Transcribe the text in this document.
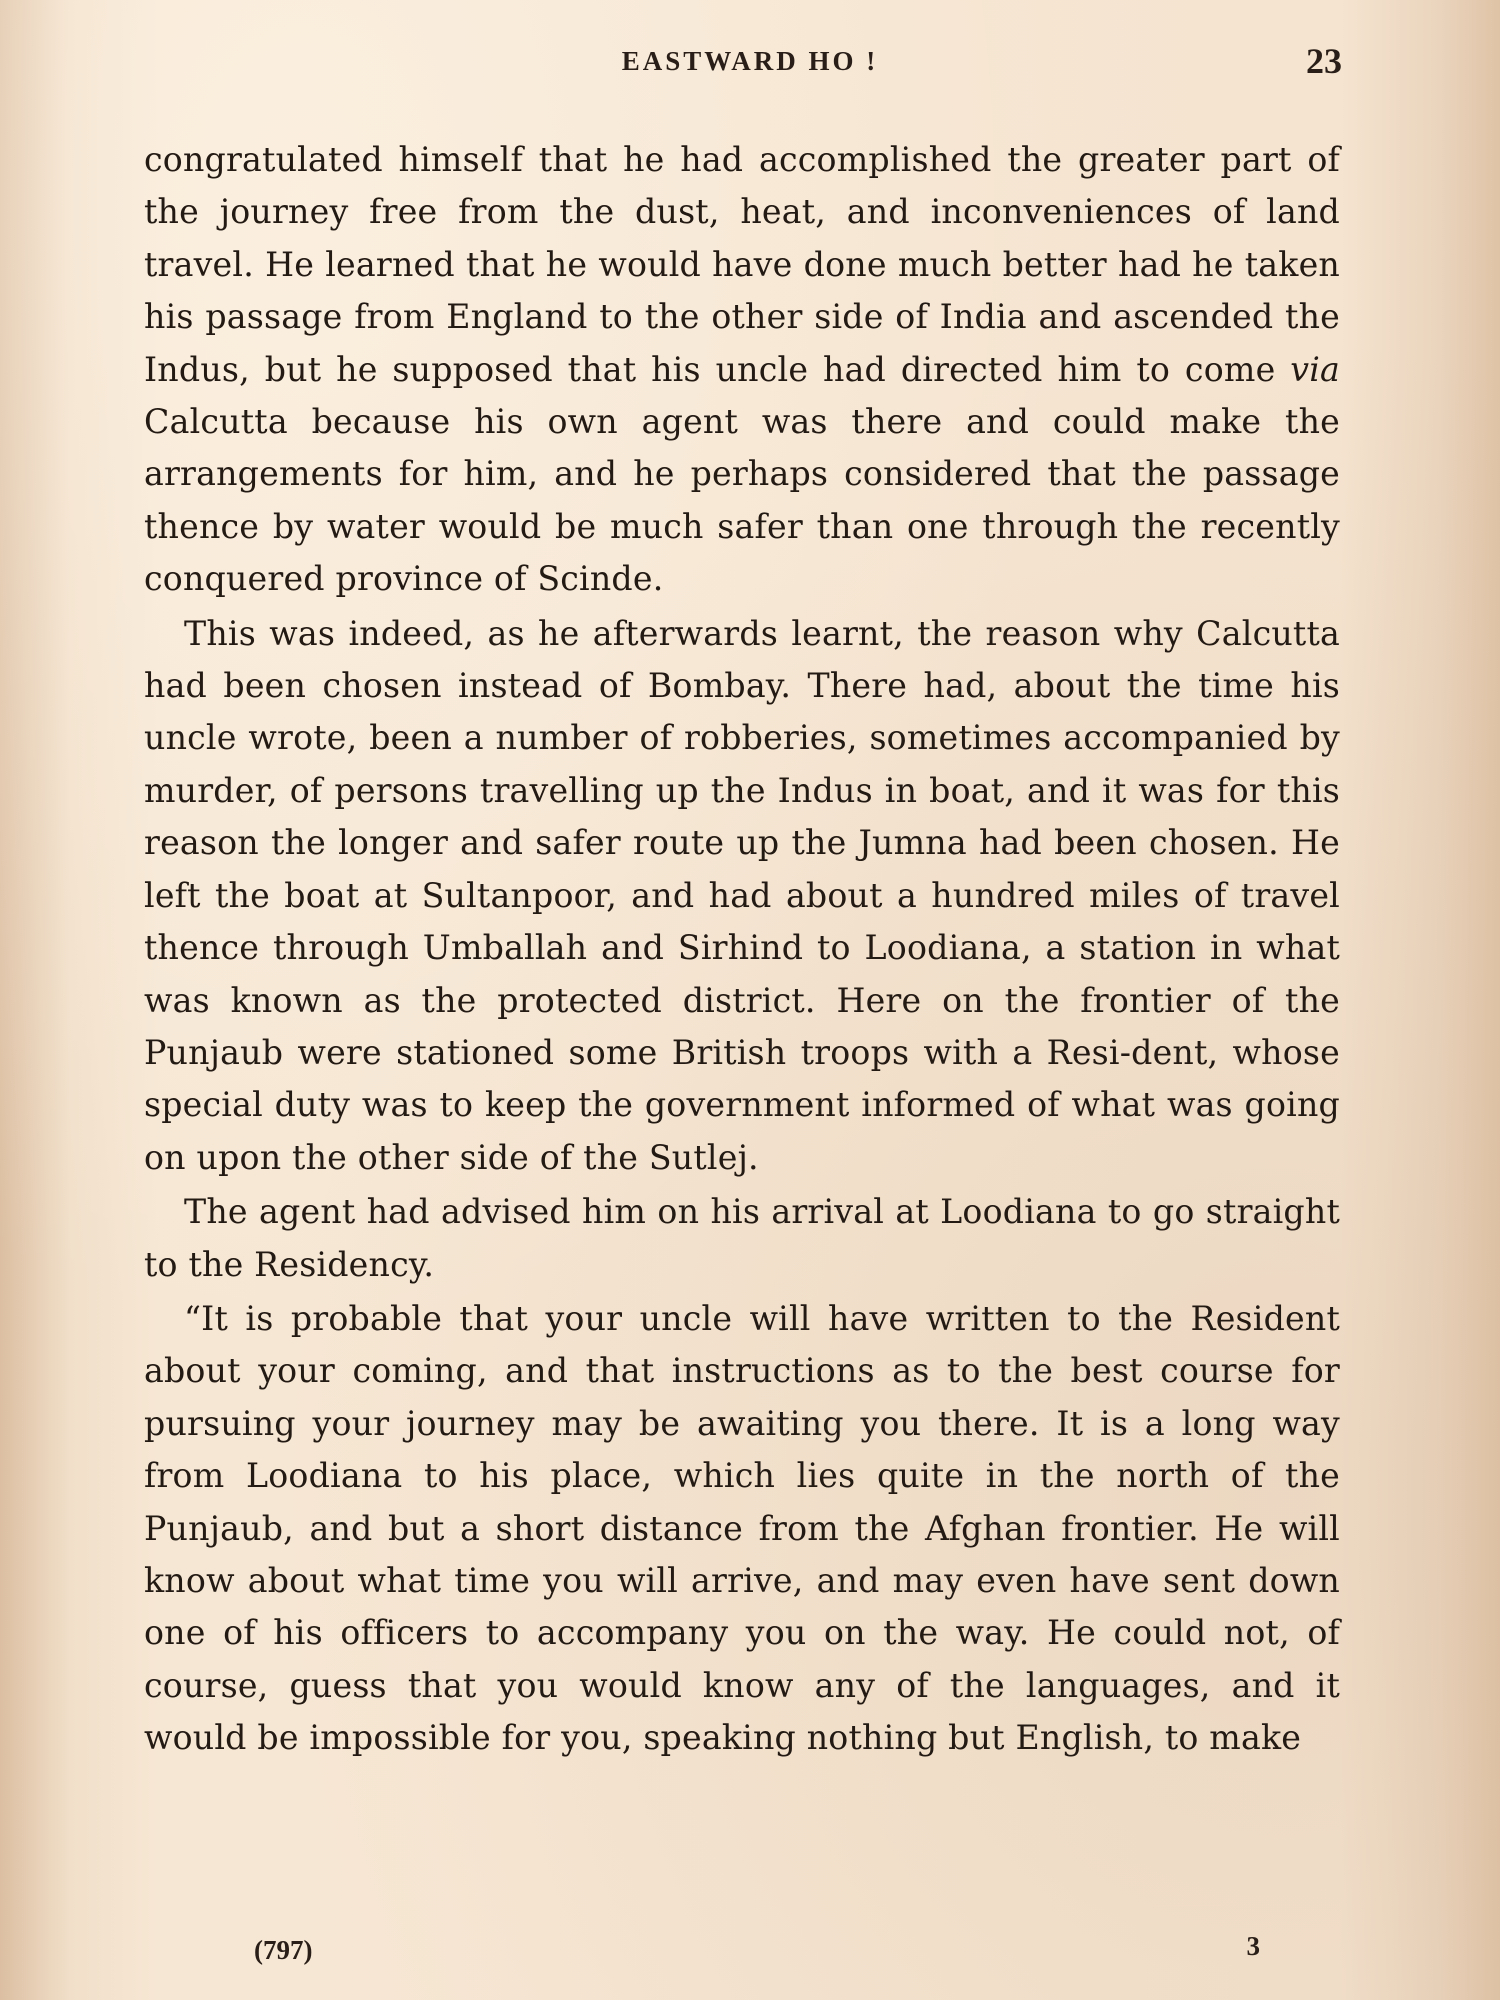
EASTWARD HO !	23

congratulated himself that he had accomplished the greater part of the journey free from the dust, heat, and inconveniences of land travel. He learned that he would have done much better had he taken his passage from England to the other side of India and ascended the Indus, but he supposed that his uncle had directed him to come via Calcutta because his own agent was there and could make the arrangements for him, and he perhaps considered that the passage thence by water would be much safer than one through the recently conquered province of Scinde.

This was indeed, as he afterwards learnt, the reason why Calcutta had been chosen instead of Bombay. There had, about the time his uncle wrote, been a number of robberies, sometimes accompanied by murder, of persons travelling up the Indus in boat, and it was for this reason the longer and safer route up the Jumna had been chosen. He left the boat at Sultanpoor, and had about a hundred miles of travel thence through Umballah and Sirhind to Loodiana, a station in what was known as the protected district. Here on the frontier of the Punjaub were stationed some British troops with a Resi-dent, whose special duty was to keep the government informed of what was going on upon the other side of the Sutlej.

The agent had advised him on his arrival at Loodiana to go straight to the Residency.

“It is probable that your uncle will have written to the Resident about your coming, and that instructions as to the best course for pursuing your journey may be awaiting you there. It is a long way from Loodiana to his place, which lies quite in the north of the Punjaub, and but a short distance from the Afghan frontier. He will know about what time you will arrive, and may even have sent down one of his officers to accompany you on the way. He could not, of course, guess that you would know any of the languages, and it would be impossible for you, speaking nothing but English, to make

(797)	3
